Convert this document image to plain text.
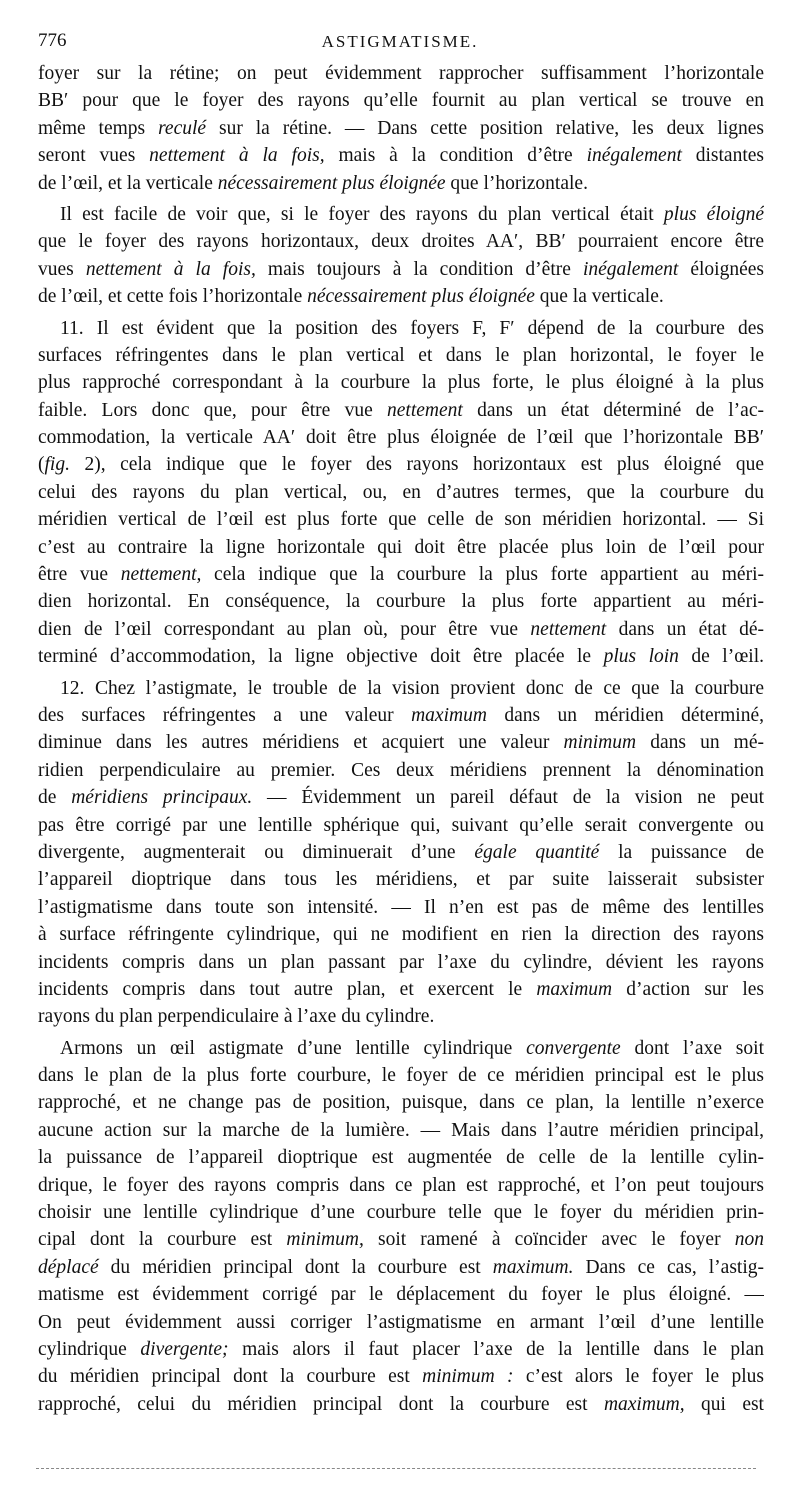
776	ASTIGMATISME.
foyer sur la rétine; on peut évidemment rapprocher suffisamment l’horizontale
BB′ pour que le foyer des rayons qu’elle fournit au plan vertical se trouve en
même temps reculé sur la rétine. — Dans cette position relative, les deux lignes
seront vues nettement à la fois, mais à la condition d’être inégalement distantes
de l’œil, et la verticale nécessairement plus éloignée que l’horizontale.
Il est facile de voir que, si le foyer des rayons du plan vertical était plus éloigné
que le foyer des rayons horizontaux, deux droites AA′, BB′ pourraient encore être
vues nettement à la fois, mais toujours à la condition d’être inégalement éloignées
de l’œil, et cette fois l’horizontale nécessairement plus éloignée que la verticale.
11. Il est évident que la position des foyers F, F′ dépend de la courbure des
surfaces réfringentes dans le plan vertical et dans le plan horizontal, le foyer le
plus rapproché correspondant à la courbure la plus forte, le plus éloigné à la plus
faible. Lors donc que, pour être vue nettement dans un état déterminé de l’ac-
commodation, la verticale AA′ doit être plus éloignée de l’œil que l’horizontale BB′
(fig. 2), cela indique que le foyer des rayons horizontaux est plus éloigné que
celui des rayons du plan vertical, ou, en d’autres termes, que la courbure du
méridien vertical de l’œil est plus forte que celle de son méridien horizontal. — Si
c’est au contraire la ligne horizontale qui doit être placée plus loin de l’œil pour
être vue nettement, cela indique que la courbure la plus forte appartient au méri-
dien horizontal. En conséquence, la courbure la plus forte appartient au méri-
dien de l’œil correspondant au plan où, pour être vue nettement dans un état dé-
terminé d’accommodation, la ligne objective doit être placée le plus loin de l’œil.
12. Chez l’astigmate, le trouble de la vision provient donc de ce que la courbure
des surfaces réfringentes a une valeur maximum dans un méridien déterminé,
diminue dans les autres méridiens et acquiert une valeur minimum dans un mé-
ridien perpendiculaire au premier. Ces deux méridiens prennent la dénomination
de méridiens principaux. — Évidemment un pareil défaut de la vision ne peut
pas être corrigé par une lentille sphérique qui, suivant qu’elle serait convergente ou
divergente, augmenterait ou diminuerait d’une égale quantité la puissance de
l’appareil dioptrique dans tous les méridiens, et par suite laisserait subsister
l’astigmatisme dans toute son intensité. — Il n’en est pas de même des lentilles
à surface réfringente cylindrique, qui ne modifient en rien la direction des rayons
incidents compris dans un plan passant par l’axe du cylindre, dévient les rayons
incidents compris dans tout autre plan, et exercent le maximum d’action sur les
rayons du plan perpendiculaire à l’axe du cylindre.
Armons un œil astigmate d’une lentille cylindrique convergente dont l’axe soit
dans le plan de la plus forte courbure, le foyer de ce méridien principal est le plus
rapproché, et ne change pas de position, puisque, dans ce plan, la lentille n’exerce
aucune action sur la marche de la lumière. — Mais dans l’autre méridien principal,
la puissance de l’appareil dioptrique est augmentée de celle de la lentille cylin-
drique, le foyer des rayons compris dans ce plan est rapproché, et l’on peut toujours
choisir une lentille cylindrique d’une courbure telle que le foyer du méridien prin-
cipal dont la courbure est minimum, soit ramené à coïncider avec le foyer non
déplacé du méridien principal dont la courbure est maximum. Dans ce cas, l’astig-
matisme est évidemment corrigé par le déplacement du foyer le plus éloigné. —
On peut évidemment aussi corriger l’astigmatisme en armant l’œil d’une lentille
cylindrique divergente; mais alors il faut placer l’axe de la lentille dans le plan
du méridien principal dont la courbure est minimum : c’est alors le foyer le plus
rapproché, celui du méridien principal dont la courbure est maximum, qui est
